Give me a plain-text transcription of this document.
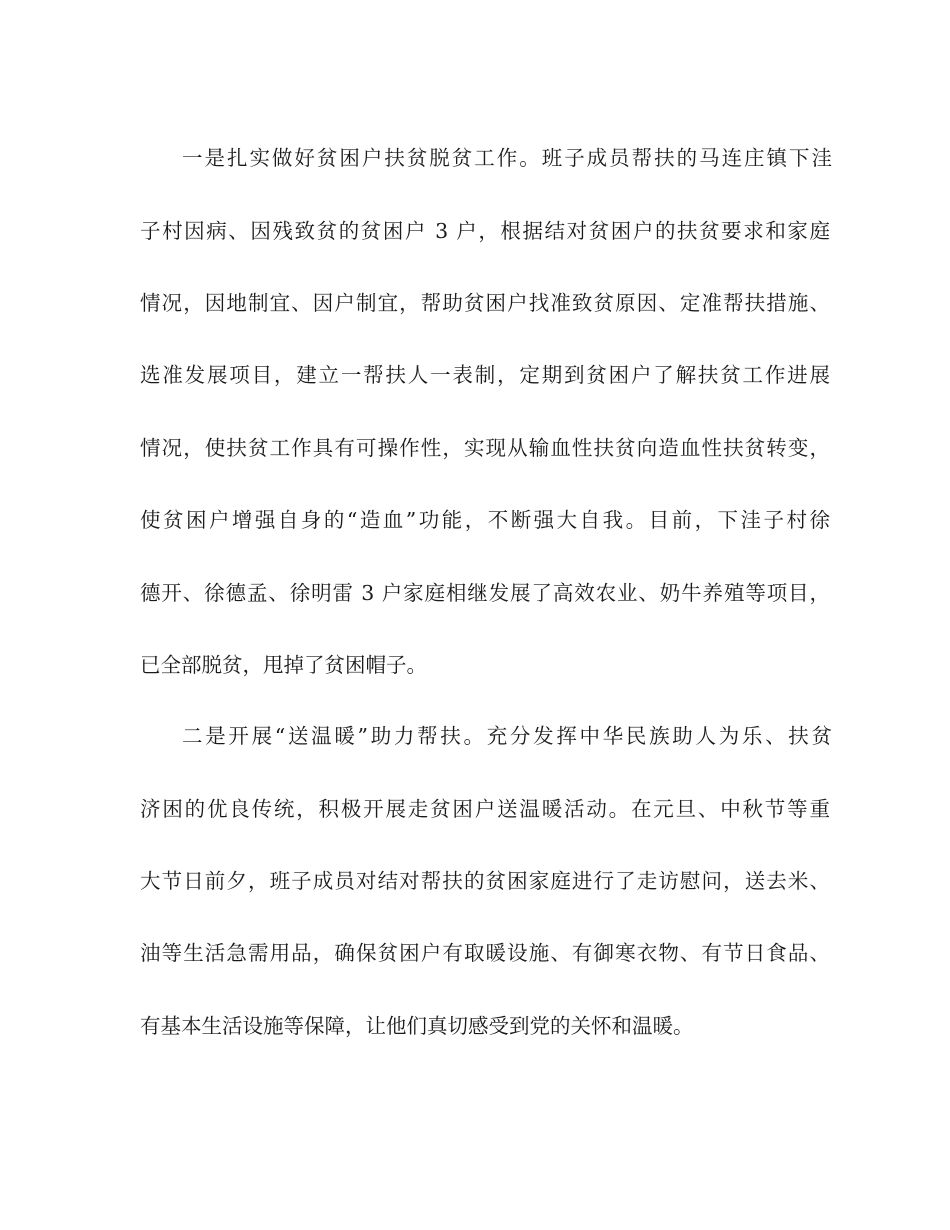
一是扎实做好贫困户扶贫脱贫工作。班子成员帮扶的马连庄镇下洼
子村因病、因残致贫的贫困户 3 户，根据结对贫困户的扶贫要求和家庭
情况，因地制宜、因户制宜，帮助贫困户找准致贫原因、定准帮扶措施、
选准发展项目，建立一帮扶人一表制，定期到贫困户了解扶贫工作进展
情况，使扶贫工作具有可操作性，实现从输血性扶贫向造血性扶贫转变，
使贫困户增强自身的“造血”功能，不断强大自我。目前，下洼子村徐
德开、徐德孟、徐明雷 3 户家庭相继发展了高效农业、奶牛养殖等项目，
已全部脱贫，甩掉了贫困帽子。
二是开展“送温暖”助力帮扶。充分发挥中华民族助人为乐、扶贫
济困的优良传统，积极开展走贫困户送温暖活动。在元旦、中秋节等重
大节日前夕，班子成员对结对帮扶的贫困家庭进行了走访慰问，送去米、
油等生活急需用品，确保贫困户有取暖设施、有御寒衣物、有节日食品、
有基本生活设施等保障，让他们真切感受到党的关怀和温暖。
